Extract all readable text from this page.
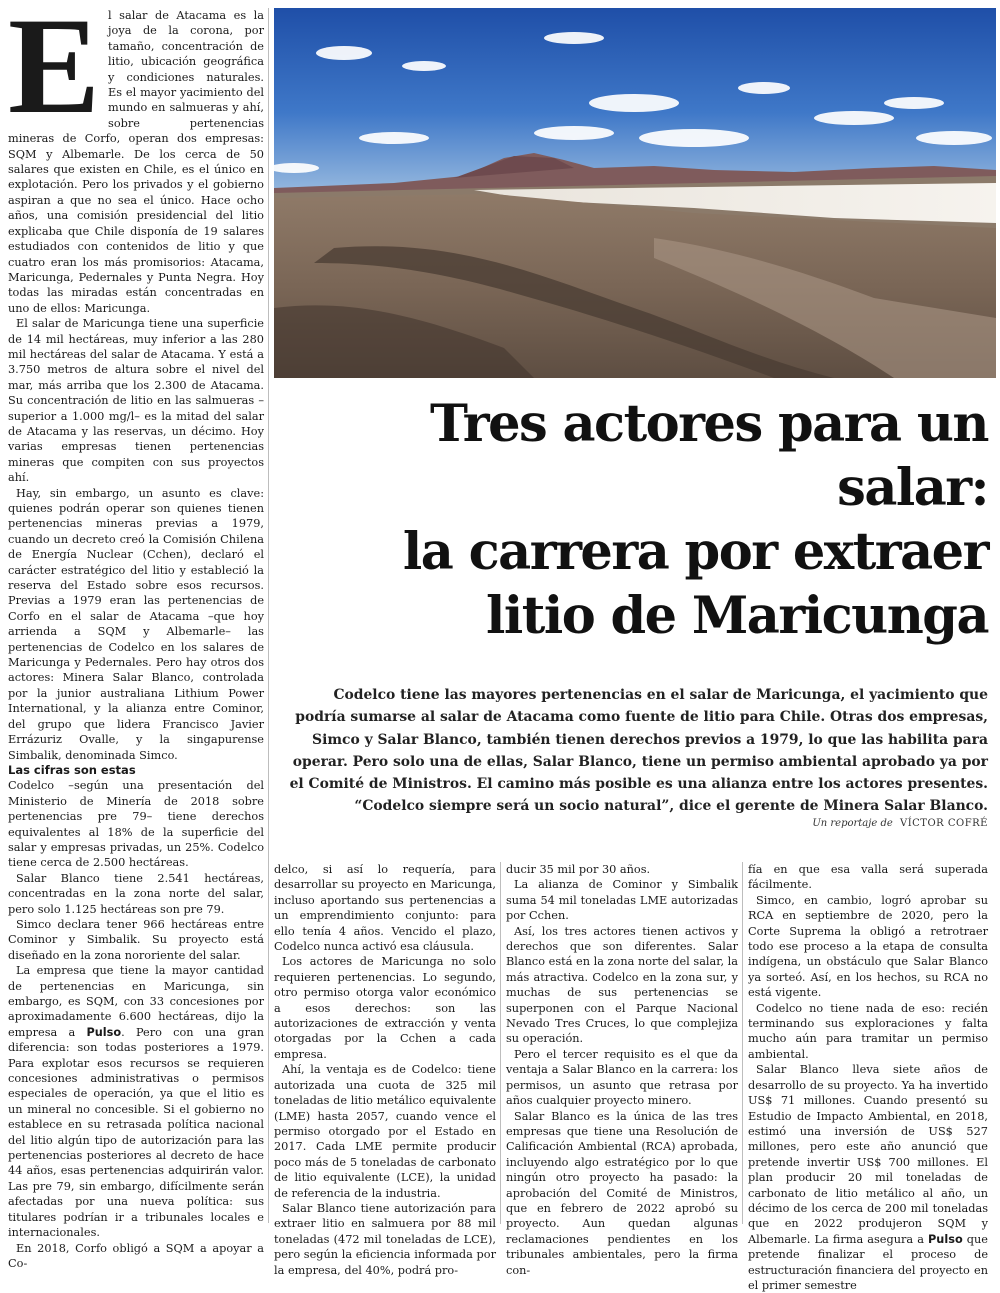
E l salar de Atacama es la joya de la corona, por tamaño, concentración de litio, ubicación geográfica y condiciones naturales. Es el mayor yacimiento del mundo en salmueras y ahí, sobre pertenencias mineras de Corfo, operan dos empresas: SQM y Albemarle. De los cerca de 50 salares que existen en Chile, es el único en explotación. Pero los privados y el gobierno aspiran a que no sea el único. Hace ocho años, una comisión presidencial del litio explicaba que Chile disponía de 19 salares estudiados con contenidos de litio y que cuatro eran los más promisorios: Atacama, Maricunga, Pedernales y Punta Negra. Hoy todas las miradas están concentradas en uno de ellos: Maricunga.

El salar de Maricunga tiene una superficie de 14 mil hectáreas, muy inferior a las 280 mil hectáreas del salar de Atacama. Y está a 3.750 metros de altura sobre el nivel del mar, más arriba que los 2.300 de Atacama. Su concentración de litio en las salmueras –superior a 1.000 mg/l– es la mitad del salar de Atacama y las reservas, un décimo. Hoy varias empresas tienen pertenencias mineras que compiten con sus proyectos ahí.

Hay, sin embargo, un asunto es clave: quienes podrán operar son quienes tienen pertenencias mineras previas a 1979, cuando un decreto creó la Comisión Chilena de Energía Nuclear (Cchen), declaró el carácter estratégico del litio y estableció la reserva del Estado sobre esos recursos. Previas a 1979 eran las pertenencias de Corfo en el salar de Atacama –que hoy arrienda a SQM y Albemarle– las pertenencias de Codelco en los salares de Maricunga y Pedernales. Pero hay otros dos actores: Minera Salar Blanco, controlada por la junior australiana Lithium Power International, y la alianza entre Cominor, del grupo que lidera Francisco Javier Errázuriz Ovalle, y la singapurense Simbalik, denominada Simco.

Las cifras son estas

Codelco –según una presentación del Ministerio de Minería de 2018 sobre pertenencias pre 79– tiene derechos equivalentes al 18% de la superficie del salar y empresas privadas, un 25%. Codelco tiene cerca de 2.500 hectáreas.

Salar Blanco tiene 2.541 hectáreas, concentradas en la zona norte del salar, pero solo 1.125 hectáreas son pre 79.

Simco declara tener 966 hectáreas entre Cominor y Simbalik. Su proyecto está diseñado en la zona nororiente del salar.

La empresa que tiene la mayor cantidad de pertenencias en Maricunga, sin embargo, es SQM, con 33 concesiones por aproximadamente 6.600 hectáreas, dijo la empresa a Pulso. Pero con una gran diferencia: son todas posteriores a 1979. Para explotar esos recursos se requieren concesiones administrativas o permisos especiales de operación, ya que el litio es un mineral no concesible. Si el gobierno no establece en su retrasada política nacional del litio algún tipo de autorización para las pertenencias posteriores al decreto de hace 44 años, esas pertenencias adquirirán valor. Las pre 79, sin embargo, difícilmente serán afectadas por una nueva política: sus titulares podrían ir a tribunales locales e internacionales.

En 2018, Corfo obligó a SQM a apoyar a Co-

Tres actores para un salar:
la carrera por extraer
litio de Maricunga

Codelco tiene las mayores pertenencias en el salar de Maricunga, el yacimiento que podría sumarse al salar de Atacama como fuente de litio para Chile. Otras dos empresas, Simco y Salar Blanco, también tienen derechos previos a 1979, lo que las habilita para operar. Pero solo una de ellas, Salar Blanco, tiene un permiso ambiental aprobado ya por el Comité de Ministros. El camino más posible es una alianza entre los actores presentes. “Codelco siempre será un socio natural”, dice el gerente de Minera Salar Blanco.

Un reportaje de VÍCTOR COFRÉ

delco, si así lo requería, para desarrollar su proyecto en Maricunga, incluso aportando sus pertenencias a un emprendimiento conjunto: para ello tenía 4 años. Vencido el plazo, Codelco nunca activó esa cláusula.

Los actores de Maricunga no solo requieren pertenencias. Lo segundo, otro permiso otorga valor económico a esos derechos: son las autorizaciones de extracción y venta otorgadas por la Cchen a cada empresa.

Ahí, la ventaja es de Codelco: tiene autorizada una cuota de 325 mil toneladas de litio metálico equivalente (LME) hasta 2057, cuando vence el permiso otorgado por el Estado en 2017. Cada LME permite producir poco más de 5 toneladas de carbonato de litio equivalente (LCE), la unidad de referencia de la industria.

Salar Blanco tiene autorización para extraer litio en salmuera por 88 mil toneladas (472 mil toneladas de LCE), pero según la eficiencia informada por la empresa, del 40%, podrá pro-

ducir 35 mil por 30 años.

La alianza de Cominor y Simbalik suma 54 mil toneladas LME autorizadas por Cchen.

Así, los tres actores tienen activos y derechos que son diferentes. Salar Blanco está en la zona norte del salar, la más atractiva. Codelco en la zona sur, y muchas de sus pertenencias se superponen con el Parque Nacional Nevado Tres Cruces, lo que complejiza su operación.

Pero el tercer requisito es el que da ventaja a Salar Blanco en la carrera: los permisos, un asunto que retrasa por años cualquier proyecto minero.

Salar Blanco es la única de las tres empresas que tiene una Resolución de Calificación Ambiental (RCA) aprobada, incluyendo algo estratégico por lo que ningún otro proyecto ha pasado: la aprobación del Comité de Ministros, que en febrero de 2022 aprobó su proyecto. Aun quedan algunas reclamaciones pendientes en los tribunales ambientales, pero la firma con-

fía en que esa valla será superada fácilmente.

Simco, en cambio, logró aprobar su RCA en septiembre de 2020, pero la Corte Suprema la obligó a retrotraer todo ese proceso a la etapa de consulta indígena, un obstáculo que Salar Blanco ya sorteó. Así, en los hechos, su RCA no está vigente.

Codelco no tiene nada de eso: recién terminando sus exploraciones y falta mucho aún para tramitar un permiso ambiental.

Salar Blanco lleva siete años de desarrollo de su proyecto. Ya ha invertido US$ 71 millones. Cuando presentó su Estudio de Impacto Ambiental, en 2018, estimó una inversión de US$ 527 millones, pero este año anunció que pretende invertir US$ 700 millones. El plan producir 20 mil toneladas de carbonato de litio metálico al año, un décimo de los cerca de 200 mil toneladas que en 2022 produjeron SQM y Albemarle. La firma asegura a Pulso que pretende finalizar el proceso de estructuración financiera del proyecto en el primer semestre
